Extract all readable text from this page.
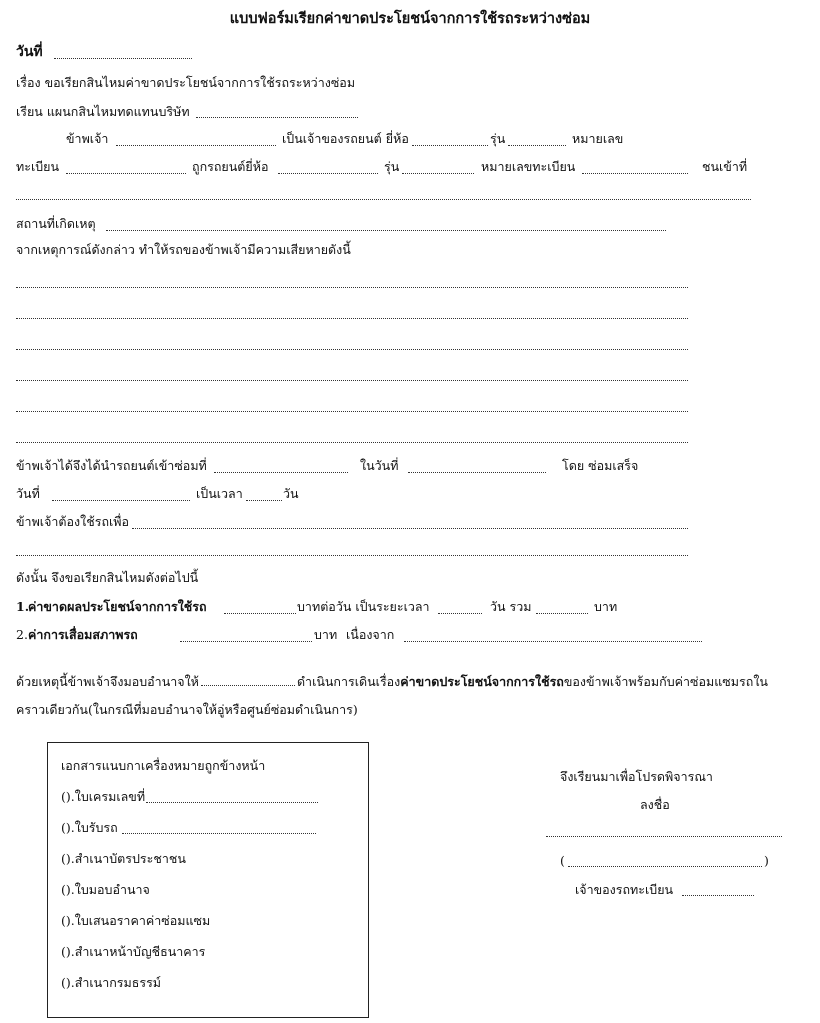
แบบฟอร์มเรียกค่าขาดประโยชน์จากการใช้รถระหว่างซ่อม
วันที่
เรื่อง ขอเรียกสินไหมค่าขาดประโยชน์จากการใช้รถระหว่างซ่อม
เรียน แผนกสินไหมทดแทนบริษัท
ข้าพเจ้า	เป็นเจ้าของรถยนต์ ยี่ห้อ	รุ่น	หมายเลข
ทะเบียน	ถูกรถยนต์ยี่ห้อ	รุ่น	หมายเลขทะเบียน	ชนเข้าที่
สถานที่เกิดเหตุ
จากเหตุการณ์ดังกล่าว ทำให้รถของข้าพเจ้ามีความเสียหายดังนี้
ข้าพเจ้าได้จึงได้นำรถยนต์เข้าซ่อมที่	ในวันที่	โดย ซ่อมเสร็จ
วันที่	เป็นเวลา	วัน
ข้าพเจ้าต้องใช้รถเพื่อ
ดังนั้น จึงขอเรียกสินไหมดังต่อไปนี้
1.
ค่าขาดผลประโยชน์จากการใช้รถ	บาทต่อวัน เป็นระยะเวลา	วัน รวม	บาท
2. ค่าการเสื่อมสภาพรถ	บาท เนื่องจาก
ด้วยเหตุนี้ข้าพเจ้าจึงมอบอำนาจให้	ดำเนินการเดินเรื่องค่าขาดประโยชน์จากการใช้รถของข้าพเจ้าพร้อมกับค่าซ่อมแซมรถใน
คราวเดียวกัน(ในกรณีที่มอบอำนาจให้อู่หรือศูนย์ซ่อมดำเนินการ)
เอกสารแนบกาเครื่องหมายถูกข้างหน้า
().ใบเครมเลขที่
().ใบรับรถ
().สำเนาบัตรประชาชน
().ใบมอบอำนาจ
().ใบเสนอราคาค่าซ่อมแซม
().สำเนาหน้าบัญชีธนาคาร
().สำเนากรมธรรม์
จึงเรียนมาเพื่อโปรดพิจารณา
ลงชื่อ
(	)
เจ้าของรถทะเบียน
